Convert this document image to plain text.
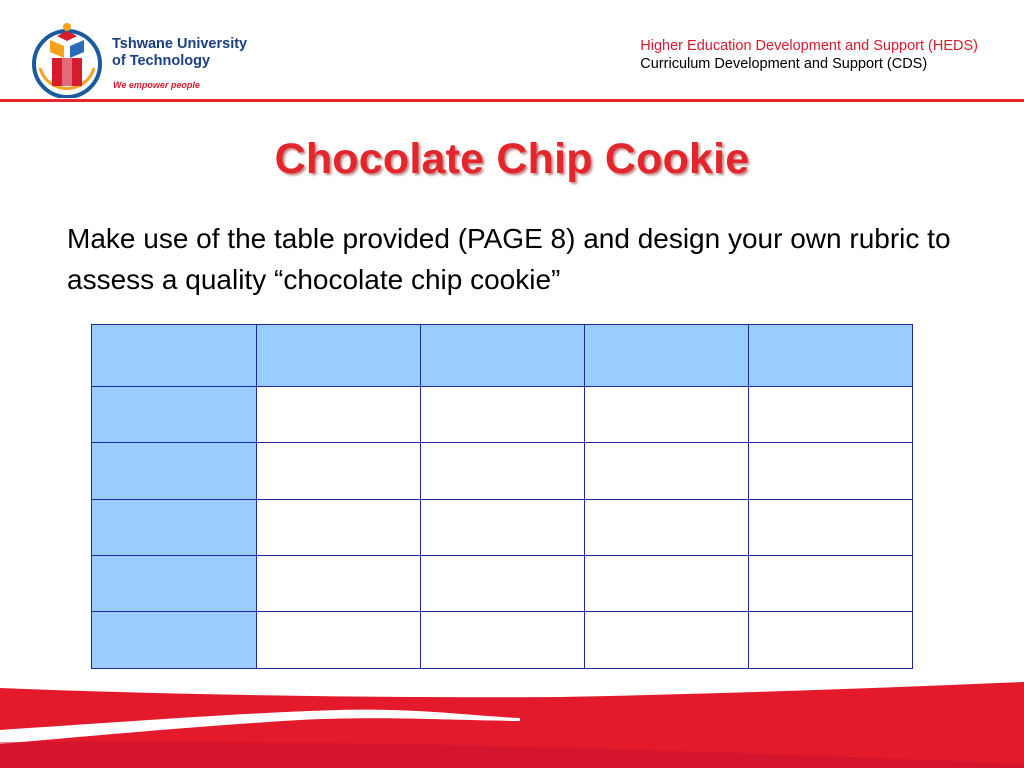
Tshwane University
of Technology

We empower people

Higher Education Development and Support (HEDS)
Curriculum Development and Support (CDS)
Chocolate Chip Cookie

Make use of the table provided (PAGE 8) and design your own rubric to assess a quality “chocolate chip cookie”
